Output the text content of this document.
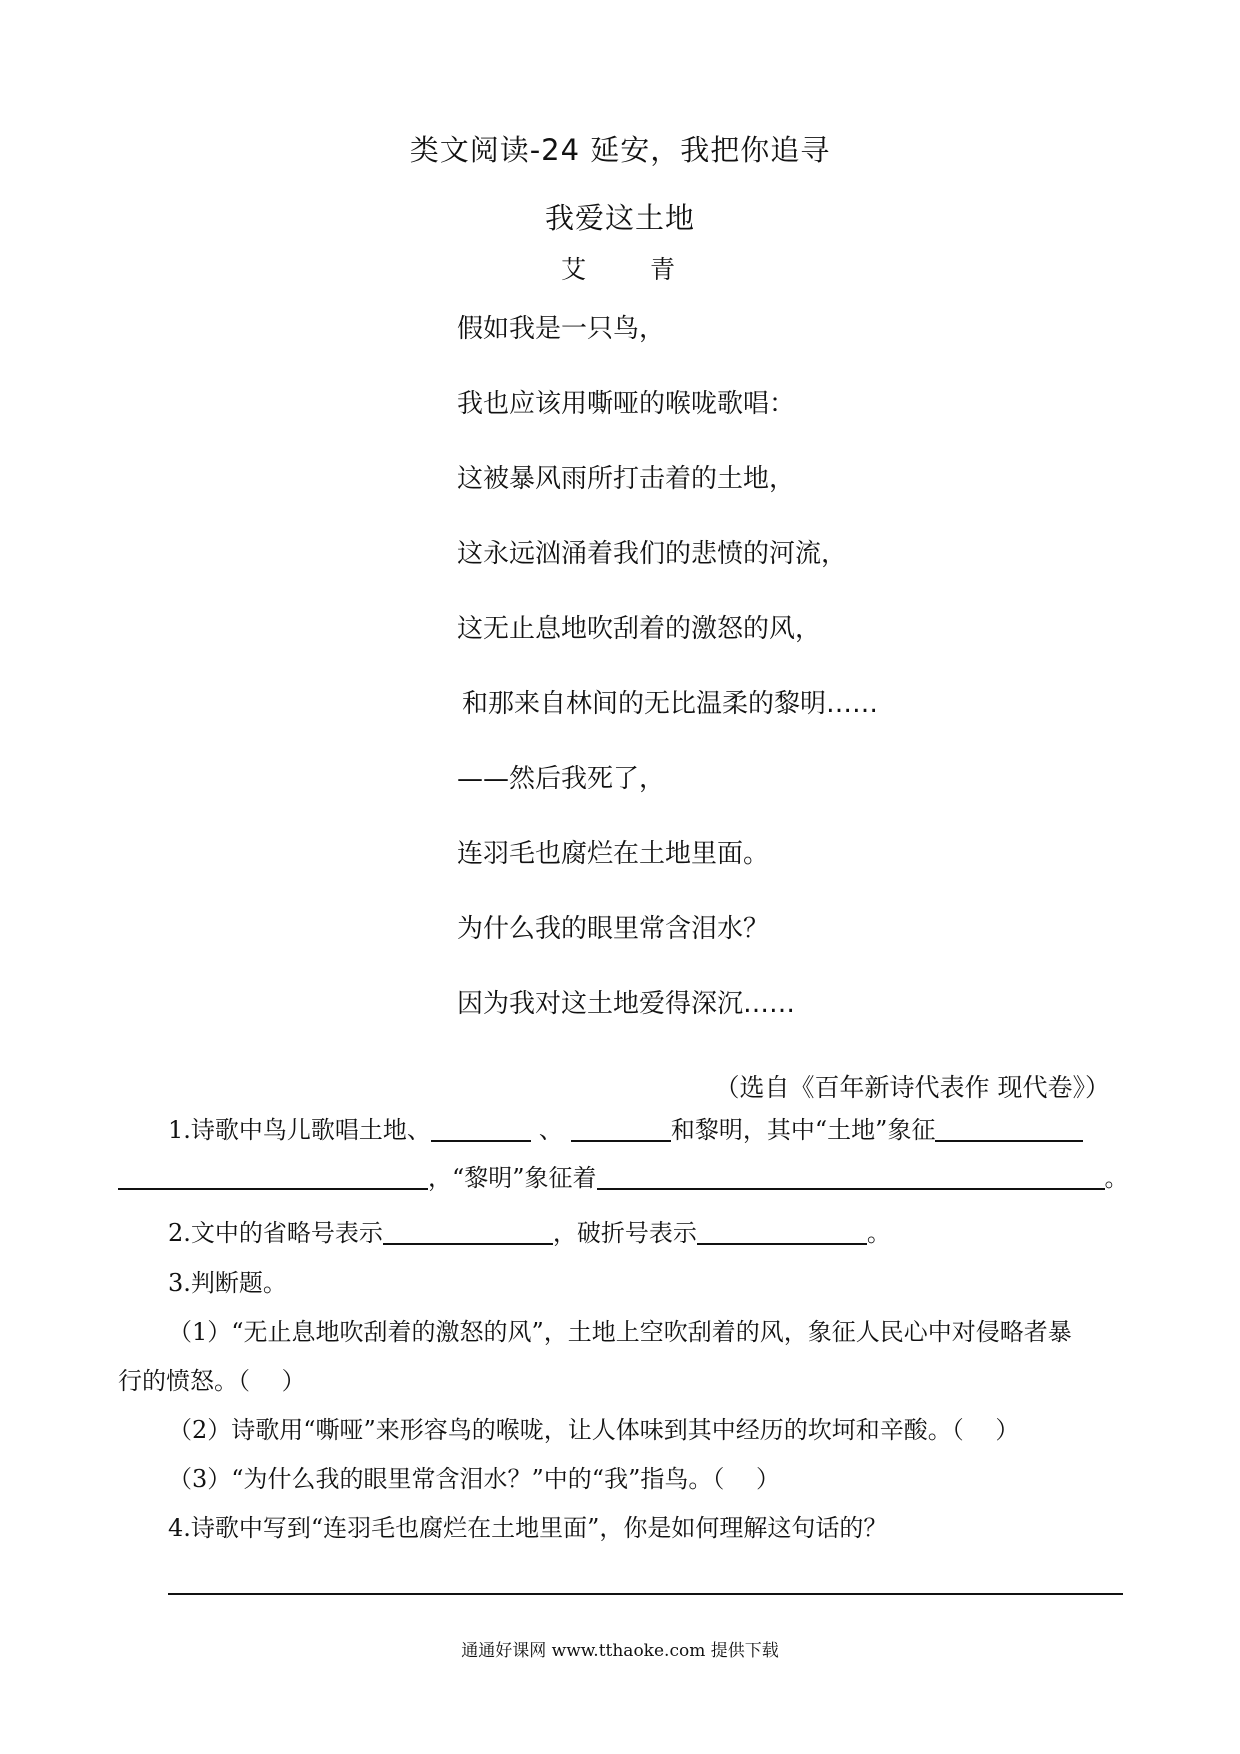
类文阅读-24 延安，我把你追寻
我爱这土地
艾 青
假如我是一只鸟，
我也应该用嘶哑的喉咙歌唱：
这被暴风雨所打击着的土地，
这永远汹涌着我们的悲愤的河流，
这无止息地吹刮着的激怒的风，
和那来自林间的无比温柔的黎明……
——然后我死了，
连羽毛也腐烂在土地里面。
为什么我的眼里常含泪水？
因为我对这土地爱得深沉……
（选自《百年新诗代表作 现代卷》）
1.诗歌中鸟儿歌唱土地、	、	和黎明，其中“土地”象征
，“黎明”象征着	。
2.文中的省略号表示	，破折号表示	。
3.判断题。
（1）“无止息地吹刮着的激怒的风”，土地上空吹刮着的风，象征人民心中对侵略者暴
行的愤怒。（　 ）
（2）诗歌用“嘶哑”来形容鸟的喉咙，让人体味到其中经历的坎坷和辛酸。（　 ）
（3）“为什么我的眼里常含泪水？”中的“我”指鸟。（　 ）
4.诗歌中写到“连羽毛也腐烂在土地里面”，你是如何理解这句话的？
通通好课网 www.tthaoke.com 提供下载
